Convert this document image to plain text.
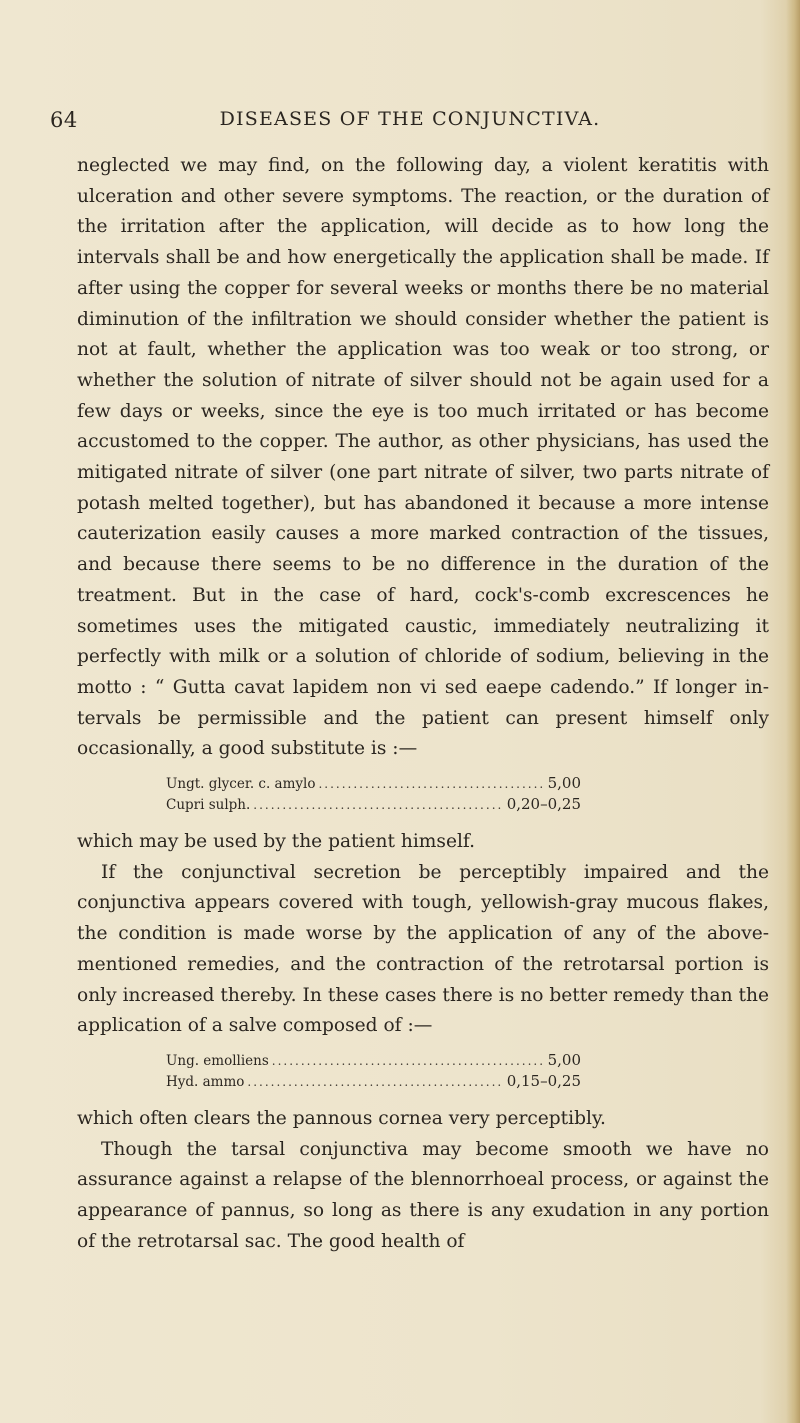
64	DISEASES OF THE CONJUNCTIVA.

neglected we may find, on the following day, a violent keratitis with ulceration and other severe symptoms. The reaction, or the duration of the irritation after the application, will decide as to how long the intervals shall be and how energetically the application shall be made. If after using the copper for several weeks or months there be no material diminution of the infiltration we should consider whether the patient is not at fault, whether the application was too weak or too strong, or whether the solution of nitrate of silver should not be again used for a few days or weeks, since the eye is too much irritated or has become accustomed to the copper. The author, as other physicians, has used the mitigated nitrate of silver (one part nitrate of silver, two parts nitrate of potash melted together), but has abandoned it because a more intense cauterization easily causes a more marked contraction of the tissues, and because there seems to be no difference in the duration of the treatment. But in the case of hard, cock's-comb excrescences he sometimes uses the mitigated caustic, immediately neutralizing it perfectly with milk or a solution of chloride of sodium, believing in the motto : “ Gutta cavat lapidem non vi sed eaepe cadendo.” If longer intervals be permissible and the patient can present himself only occasionally, a good substitute is :—

Ungt. glycer. c. amylo .....	5,00
Cupri sulph. .....	0,20–0,25

which may be used by the patient himself.

If the conjunctival secretion be perceptibly impaired and the conjunctiva appears covered with tough, yellowish-gray mucous flakes, the condition is made worse by the application of any of the above-mentioned remedies, and the contraction of the retrotarsal portion is only increased thereby. In these cases there is no better remedy than the application of a salve composed of :—

Ung. emolliens .....	5,00
Hyd. ammo .....	0,15–0,25

which often clears the pannous cornea very perceptibly.

Though the tarsal conjunctiva may become smooth we have no assurance against a relapse of the blennorrhoeal process, or against the appearance of pannus, so long as there is any exudation in any portion of the retrotarsal sac. The good health of
